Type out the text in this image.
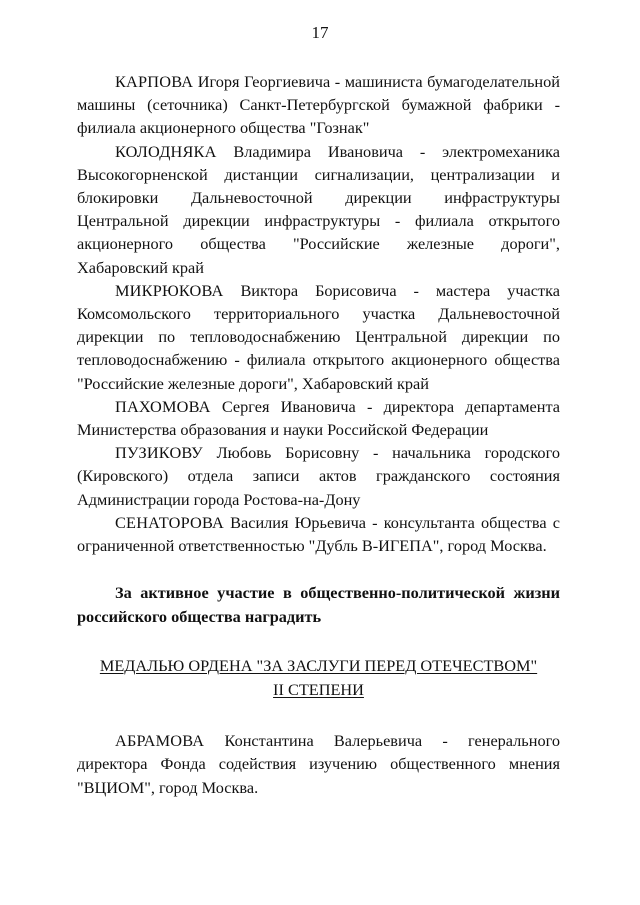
17

КАРПОВА Игоря Георгиевича - машиниста бумагоделательной машины (сеточника) Санкт-Петербургской бумажной фабрики - филиала акционерного общества "Гознак"

КОЛОДНЯКА Владимира Ивановича - электромеханика Высокогорненской дистанции сигнализации, централизации и блокировки Дальневосточной дирекции инфраструктуры Центральной дирекции инфраструктуры - филиала открытого акционерного общества "Российские железные дороги", Хабаровский край

МИКРЮКОВА Виктора Борисовича - мастера участка Комсомольского территориального участка Дальневосточной дирекции по тепловодоснабжению Центральной дирекции по тепловодоснабжению - филиала открытого акционерного общества "Российские железные дороги", Хабаровский край

ПАХОМОВА Сергея Ивановича - директора департамента Министерства образования и науки Российской Федерации

ПУЗИКОВУ Любовь Борисовну - начальника городского (Кировского) отдела записи актов гражданского состояния Администрации города Ростова-на-Дону

СЕНАТОРОВА Василия Юрьевича - консультанта общества с ограниченной ответственностью "Дубль В-ИГЕПА", город Москва.

За активное участие в общественно-политической жизни российского общества наградить

МЕДАЛЬЮ ОРДЕНА "ЗА ЗАСЛУГИ ПЕРЕД ОТЕЧЕСТВОМ"
II СТЕПЕНИ

АБРАМОВА Константина Валерьевича - генерального директора Фонда содействия изучению общественного мнения "ВЦИОМ", город Москва.
